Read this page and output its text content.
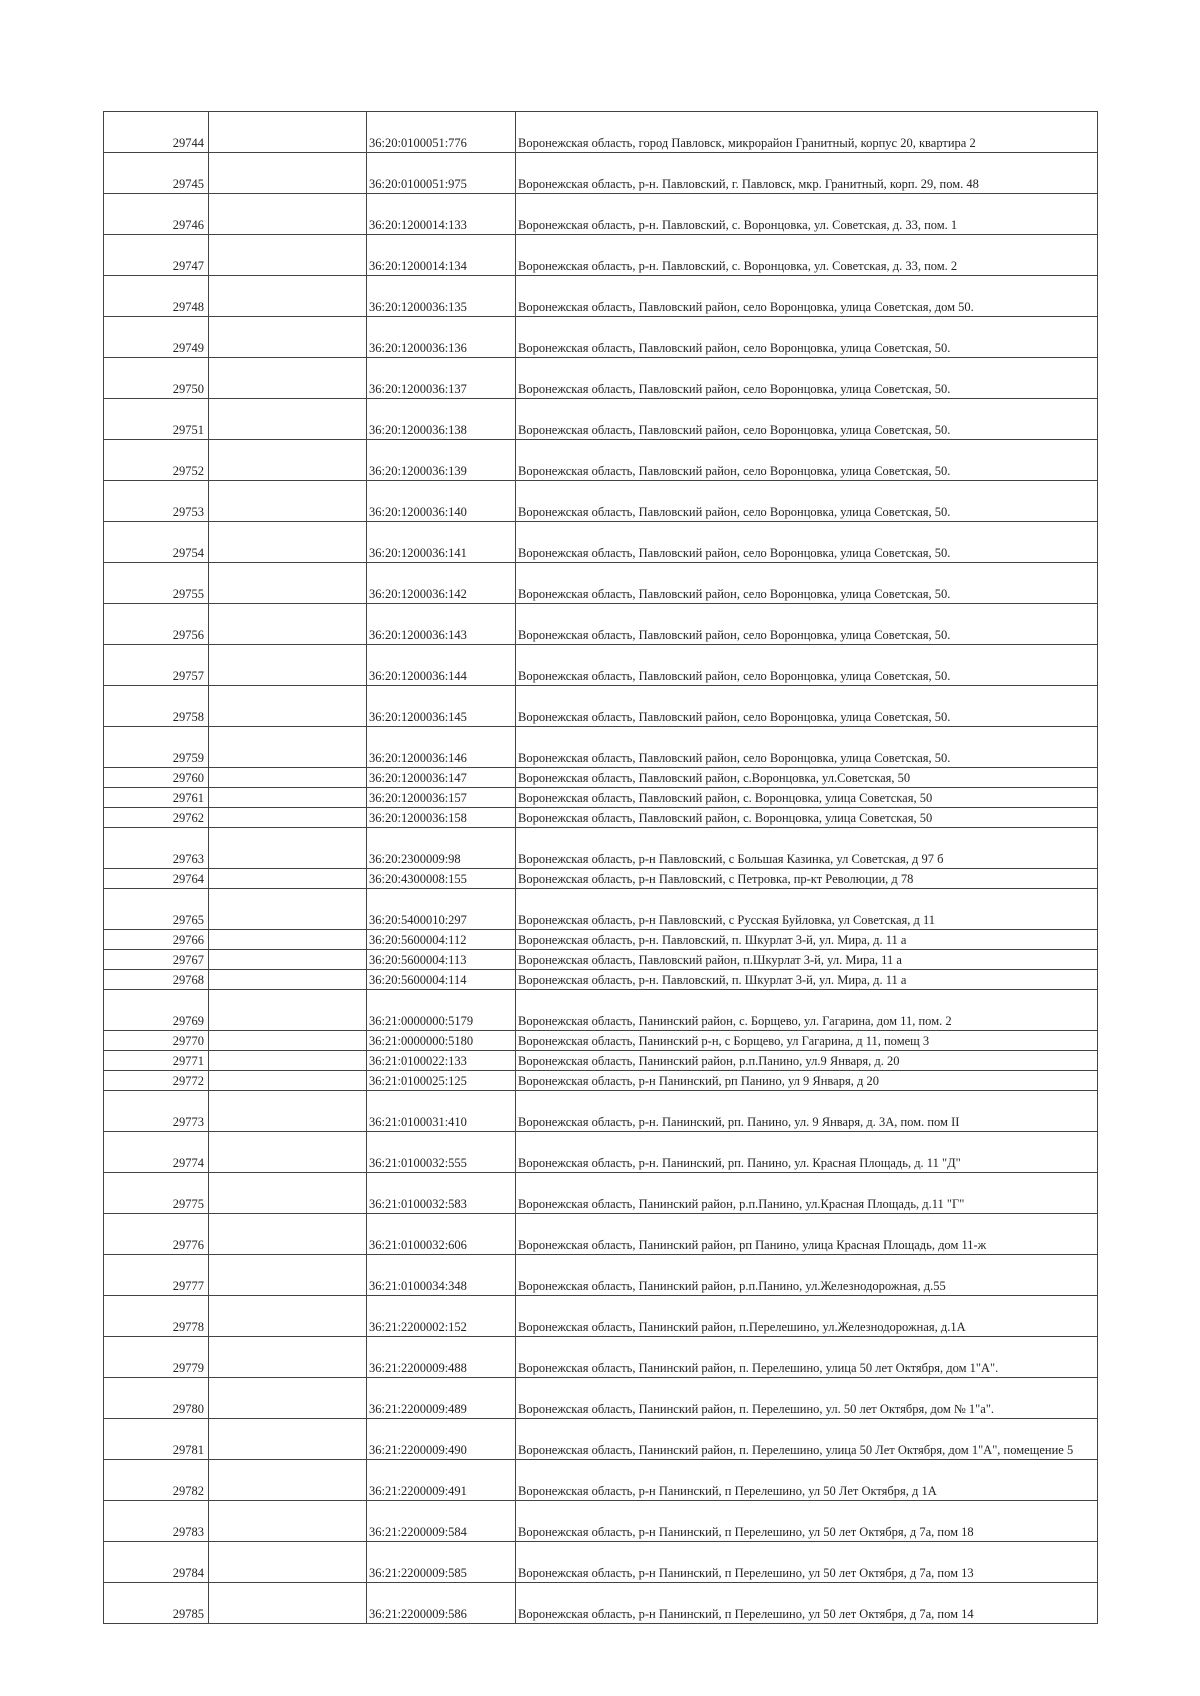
29744		36:20:0100051:776	Воронежская область, город Павловск, микрорайон Гранитный, корпус 20, квартира 2
29745		36:20:0100051:975	Воронежская область, р-н. Павловский, г. Павловск, мкр. Гранитный, корп. 29, пом. 48
29746		36:20:1200014:133	Воронежская область, р-н. Павловский, с. Воронцовка, ул. Советская, д. 33, пом. 1
29747		36:20:1200014:134	Воронежская область, р-н. Павловский, с. Воронцовка, ул. Советская, д. 33, пом. 2
29748		36:20:1200036:135	Воронежская область, Павловский район, село Воронцовка, улица Советская, дом 50.
29749		36:20:1200036:136	Воронежская область, Павловский район, село Воронцовка, улица Советская, 50.
29750		36:20:1200036:137	Воронежская область, Павловский район, село Воронцовка, улица Советская, 50.
29751		36:20:1200036:138	Воронежская область, Павловский район, село Воронцовка, улица Советская, 50.
29752		36:20:1200036:139	Воронежская область, Павловский район, село Воронцовка, улица Советская, 50.
29753		36:20:1200036:140	Воронежская область, Павловский район, село Воронцовка, улица Советская, 50.
29754		36:20:1200036:141	Воронежская область, Павловский район, село Воронцовка, улица Советская, 50.
29755		36:20:1200036:142	Воронежская область, Павловский район, село Воронцовка, улица Советская, 50.
29756		36:20:1200036:143	Воронежская область, Павловский район, село Воронцовка, улица Советская, 50.
29757		36:20:1200036:144	Воронежская область, Павловский район, село Воронцовка, улица Советская, 50.
29758		36:20:1200036:145	Воронежская область, Павловский район, село Воронцовка, улица Советская, 50.
29759		36:20:1200036:146	Воронежская область, Павловский район, село Воронцовка, улица Советская, 50.
29760		36:20:1200036:147	Воронежская область, Павловский район, с.Воронцовка, ул.Советская, 50
29761		36:20:1200036:157	Воронежская область, Павловский район, с. Воронцовка, улица Советская, 50
29762		36:20:1200036:158	Воронежская область, Павловский район, с. Воронцовка, улица Советская, 50
29763		36:20:2300009:98	Воронежская область, р-н Павловский, с Большая Казинка, ул Советская, д 97 б
29764		36:20:4300008:155	Воронежская область, р-н Павловский, с Петровка, пр-кт Революции, д 78
29765		36:20:5400010:297	Воронежская область, р-н Павловский, с Русская Буйловка, ул Советская, д 11
29766		36:20:5600004:112	Воронежская область, р-н. Павловский, п. Шкурлат 3-й, ул. Мира, д. 11 а
29767		36:20:5600004:113	Воронежская область, Павловский район, п.Шкурлат 3-й, ул. Мира, 11 а
29768		36:20:5600004:114	Воронежская область, р-н. Павловский, п. Шкурлат 3-й, ул. Мира, д. 11 а
29769		36:21:0000000:5179	Воронежская область, Панинский район, с. Борщево, ул. Гагарина, дом 11, пом. 2
29770		36:21:0000000:5180	Воронежская область, Панинский р-н, с Борщево, ул Гагарина, д 11, помещ 3
29771		36:21:0100022:133	Воронежская область, Панинский район, р.п.Панино, ул.9 Января, д. 20
29772		36:21:0100025:125	Воронежская область, р-н Панинский, рп Панино, ул 9 Января, д 20
29773		36:21:0100031:410	Воронежская область, р-н. Панинский, рп. Панино, ул. 9 Января, д. 3А, пом. пом II
29774		36:21:0100032:555	Воронежская область, р-н. Панинский, рп. Панино, ул. Красная Площадь, д. 11 "Д"
29775		36:21:0100032:583	Воронежская область, Панинский район, р.п.Панино, ул.Красная Площадь, д.11 "Г"
29776		36:21:0100032:606	Воронежская область, Панинский район, рп Панино, улица Красная Площадь, дом 11-ж
29777		36:21:0100034:348	Воронежская область, Панинский район, р.п.Панино, ул.Железнодорожная, д.55
29778		36:21:2200002:152	Воронежская область, Панинский район, п.Перелешино, ул.Железнодорожная, д.1А
29779		36:21:2200009:488	Воронежская область, Панинский район, п. Перелешино, улица 50 лет Октября, дом 1"А".
29780		36:21:2200009:489	Воронежская область, Панинский район, п. Перелешино, ул. 50 лет Октября, дом № 1"а".
29781		36:21:2200009:490	Воронежская область, Панинский район, п. Перелешино, улица 50 Лет Октября, дом 1"А", помещение 5
29782		36:21:2200009:491	Воронежская область, р-н Панинский, п Перелешино, ул 50 Лет Октября, д 1А
29783		36:21:2200009:584	Воронежская область, р-н Панинский, п Перелешино, ул 50 лет Октября, д 7а, пом 18
29784		36:21:2200009:585	Воронежская область, р-н Панинский, п Перелешино, ул 50 лет Октября, д 7а, пом 13
29785		36:21:2200009:586	Воронежская область, р-н Панинский, п Перелешино, ул 50 лет Октября, д 7а, пом 14
